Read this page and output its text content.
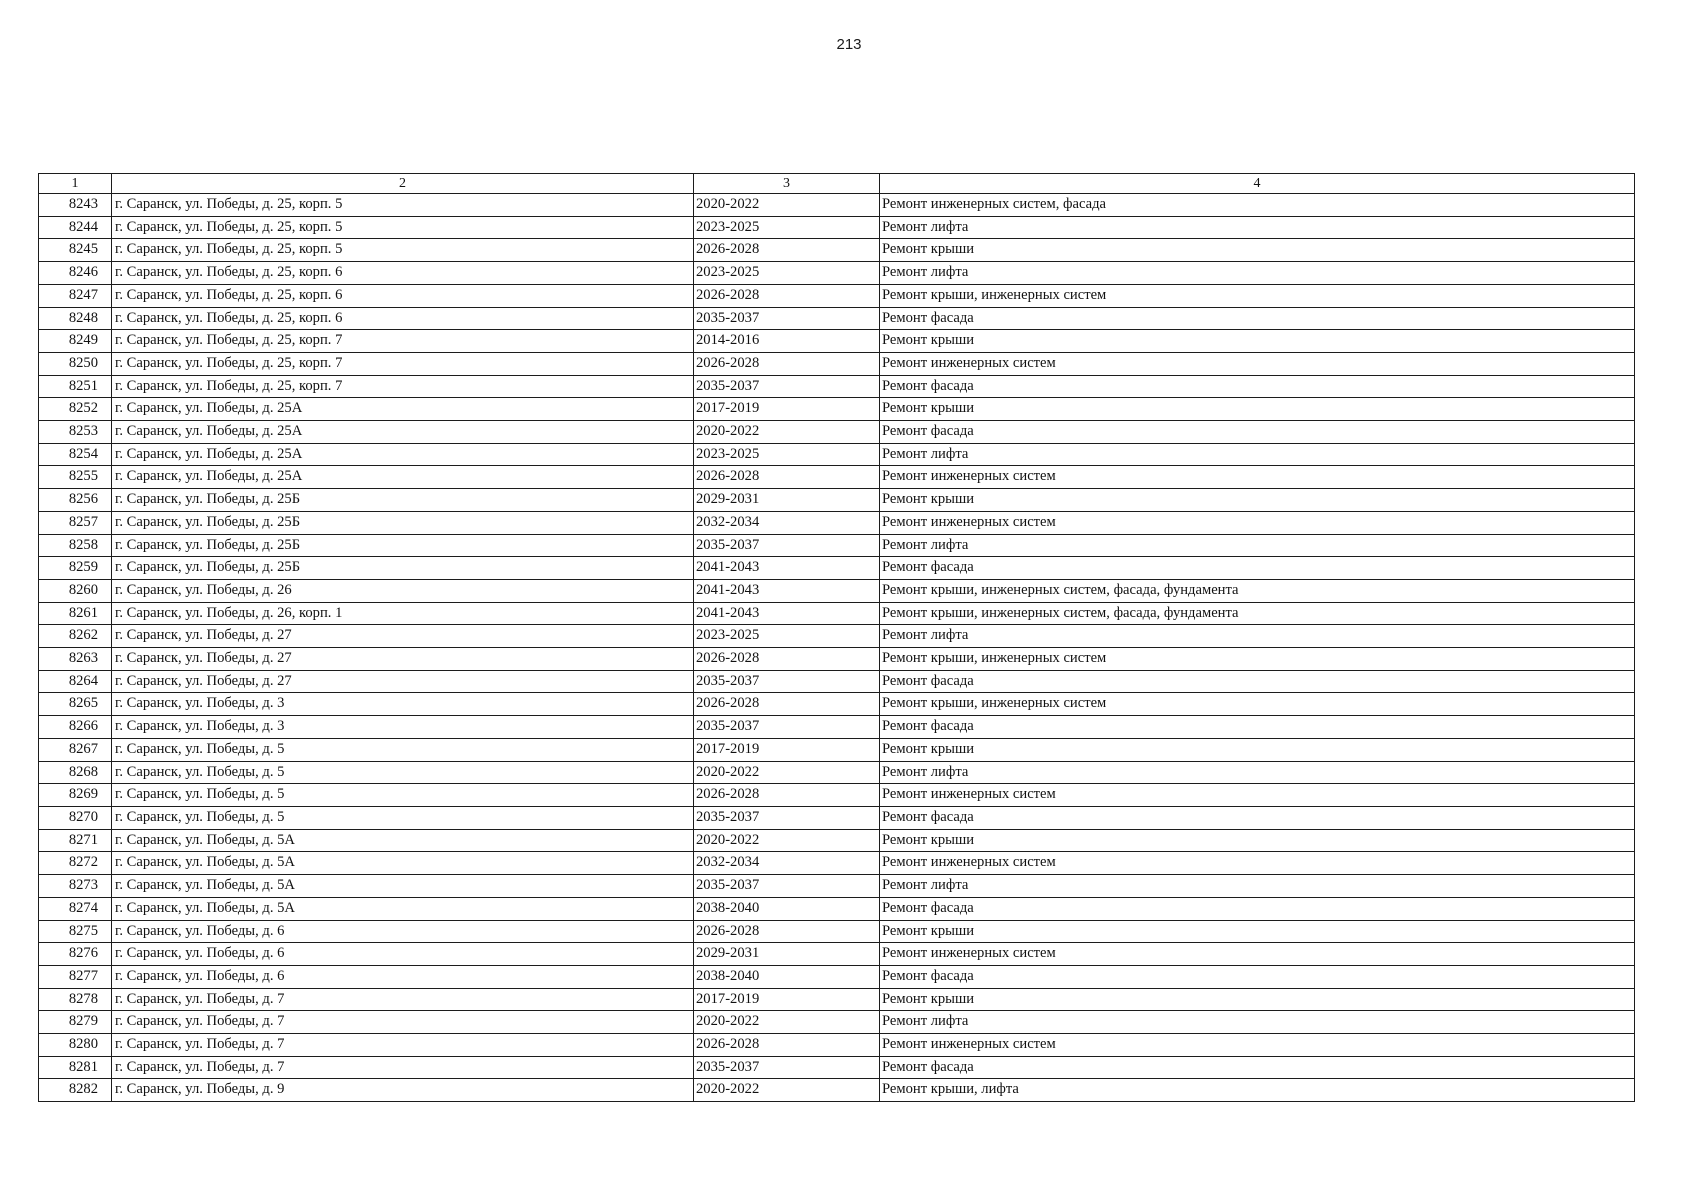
213
1	2	3	4
8243	г. Саранск, ул. Победы, д. 25, корп. 5	2020-2022	Ремонт инженерных систем, фасада
8244	г. Саранск, ул. Победы, д. 25, корп. 5	2023-2025	Ремонт лифта
8245	г. Саранск, ул. Победы, д. 25, корп. 5	2026-2028	Ремонт крыши
8246	г. Саранск, ул. Победы, д. 25, корп. 6	2023-2025	Ремонт лифта
8247	г. Саранск, ул. Победы, д. 25, корп. 6	2026-2028	Ремонт крыши, инженерных систем
8248	г. Саранск, ул. Победы, д. 25, корп. 6	2035-2037	Ремонт фасада
8249	г. Саранск, ул. Победы, д. 25, корп. 7	2014-2016	Ремонт крыши
8250	г. Саранск, ул. Победы, д. 25, корп. 7	2026-2028	Ремонт инженерных систем
8251	г. Саранск, ул. Победы, д. 25, корп. 7	2035-2037	Ремонт фасада
8252	г. Саранск, ул. Победы, д. 25А	2017-2019	Ремонт крыши
8253	г. Саранск, ул. Победы, д. 25А	2020-2022	Ремонт фасада
8254	г. Саранск, ул. Победы, д. 25А	2023-2025	Ремонт лифта
8255	г. Саранск, ул. Победы, д. 25А	2026-2028	Ремонт инженерных систем
8256	г. Саранск, ул. Победы, д. 25Б	2029-2031	Ремонт крыши
8257	г. Саранск, ул. Победы, д. 25Б	2032-2034	Ремонт инженерных систем
8258	г. Саранск, ул. Победы, д. 25Б	2035-2037	Ремонт лифта
8259	г. Саранск, ул. Победы, д. 25Б	2041-2043	Ремонт фасада
8260	г. Саранск, ул. Победы, д. 26	2041-2043	Ремонт крыши, инженерных систем, фасада, фундамента
8261	г. Саранск, ул. Победы, д. 26, корп. 1	2041-2043	Ремонт крыши, инженерных систем, фасада, фундамента
8262	г. Саранск, ул. Победы, д. 27	2023-2025	Ремонт лифта
8263	г. Саранск, ул. Победы, д. 27	2026-2028	Ремонт крыши, инженерных систем
8264	г. Саранск, ул. Победы, д. 27	2035-2037	Ремонт фасада
8265	г. Саранск, ул. Победы, д. 3	2026-2028	Ремонт крыши, инженерных систем
8266	г. Саранск, ул. Победы, д. 3	2035-2037	Ремонт фасада
8267	г. Саранск, ул. Победы, д. 5	2017-2019	Ремонт крыши
8268	г. Саранск, ул. Победы, д. 5	2020-2022	Ремонт лифта
8269	г. Саранск, ул. Победы, д. 5	2026-2028	Ремонт инженерных систем
8270	г. Саранск, ул. Победы, д. 5	2035-2037	Ремонт фасада
8271	г. Саранск, ул. Победы, д. 5А	2020-2022	Ремонт крыши
8272	г. Саранск, ул. Победы, д. 5А	2032-2034	Ремонт инженерных систем
8273	г. Саранск, ул. Победы, д. 5А	2035-2037	Ремонт лифта
8274	г. Саранск, ул. Победы, д. 5А	2038-2040	Ремонт фасада
8275	г. Саранск, ул. Победы, д. 6	2026-2028	Ремонт крыши
8276	г. Саранск, ул. Победы, д. 6	2029-2031	Ремонт инженерных систем
8277	г. Саранск, ул. Победы, д. 6	2038-2040	Ремонт фасада
8278	г. Саранск, ул. Победы, д. 7	2017-2019	Ремонт крыши
8279	г. Саранск, ул. Победы, д. 7	2020-2022	Ремонт лифта
8280	г. Саранск, ул. Победы, д. 7	2026-2028	Ремонт инженерных систем
8281	г. Саранск, ул. Победы, д. 7	2035-2037	Ремонт фасада
8282	г. Саранск, ул. Победы, д. 9	2020-2022	Ремонт крыши, лифта
